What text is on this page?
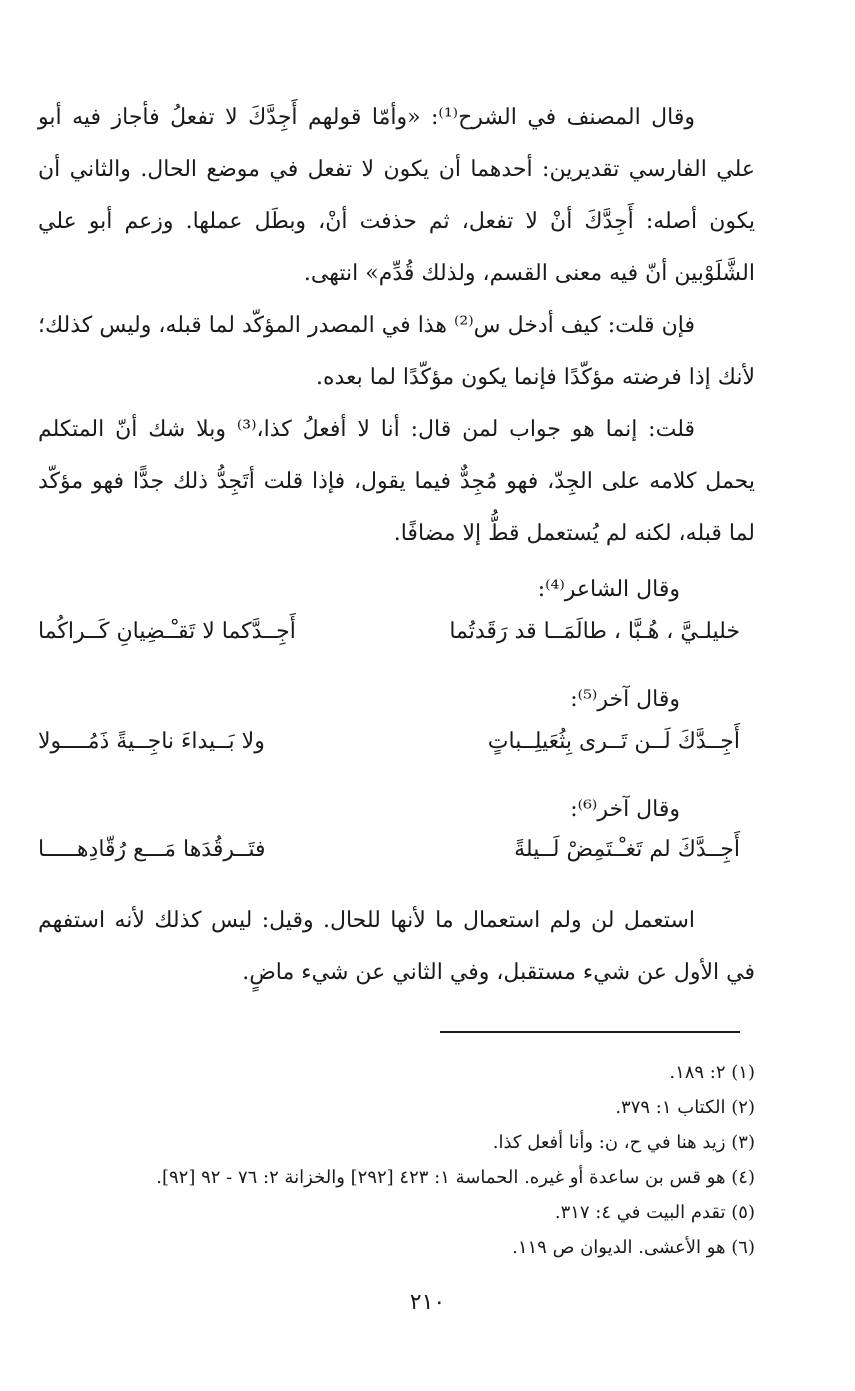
وقال المصنف في الشرح⁽¹⁾: «وأمّا قولهم أَجِدَّكَ لا تفعلُ فأجاز فيه أبو علي الفارسي تقديرين: أحدهما أن يكون لا تفعل في موضع الحال. والثاني أن يكون أصله: أَجِدَّكَ أنْ لا تفعل، ثم حذفت أنْ، وبطَل عملها. وزعم أبو علي الشَّلَوْبين أنّ فيه معنى القسم، ولذلك قُدِّم» انتهى.

فإن قلت: كيف أدخل س⁽²⁾ هذا في المصدر المؤكّد لما قبله، وليس كذلك؛ لأنك إذا فرضته مؤكّدًا فإنما يكون مؤكّدًا لما بعده.

قلت: إنما هو جواب لمن قال: أنا لا أفعلُ كذا،⁽³⁾ وبلا شك أنّ المتكلم يحمل كلامه على الجِدّ، فهو مُجِدٌّ فيما يقول، فإذا قلت أتَجِدُّ ذلك جدًّا فهو مؤكّد لما قبله، لكنه لم يُستعمل قطُّ إلا مضافًا.

وقال الشاعر⁽⁴⁾:

خليلـيَّ ، هُـبَّا ، طالَمَــا قد رَقَدتُما
أَجِــدَّكما لا تَقـْـضِيانِ كَــراكُما

وقال آخر⁽⁵⁾:

أَجِــدَّكَ لَــن تَــرى بِثُعَيلِــباتٍ
ولا بَــيداءَ ناجِــيةً ذَمُــــولا

وقال آخر⁽⁶⁾:

أَجِــدَّكَ لم تَغـْـتَمِضْ لَــيلةً
فتَــرقُدَها مَـــع رُقّادِهـــــا

استعمل لن ولم استعمال ما لأنها للحال. وقيل: ليس كذلك لأنه استفهم في الأول عن شيء مستقبل، وفي الثاني عن شيء ماضٍ.

(١) ٢: ١٨٩.
(٢) الكتاب ١: ٣٧٩.
(٣) زيد هنا في ح، ن: وأنا أفعل كذا.
(٤) هو قس بن ساعدة أو غيره. الحماسة ١: ٤٢٣ [٢٩٢] والخزانة ٢: ٧٦ - ٩٢ [٩٢].
(٥) تقدم البيت في ٤: ٣١٧.
(٦) هو الأعشى. الديوان ص ١١٩.
٢١٠
